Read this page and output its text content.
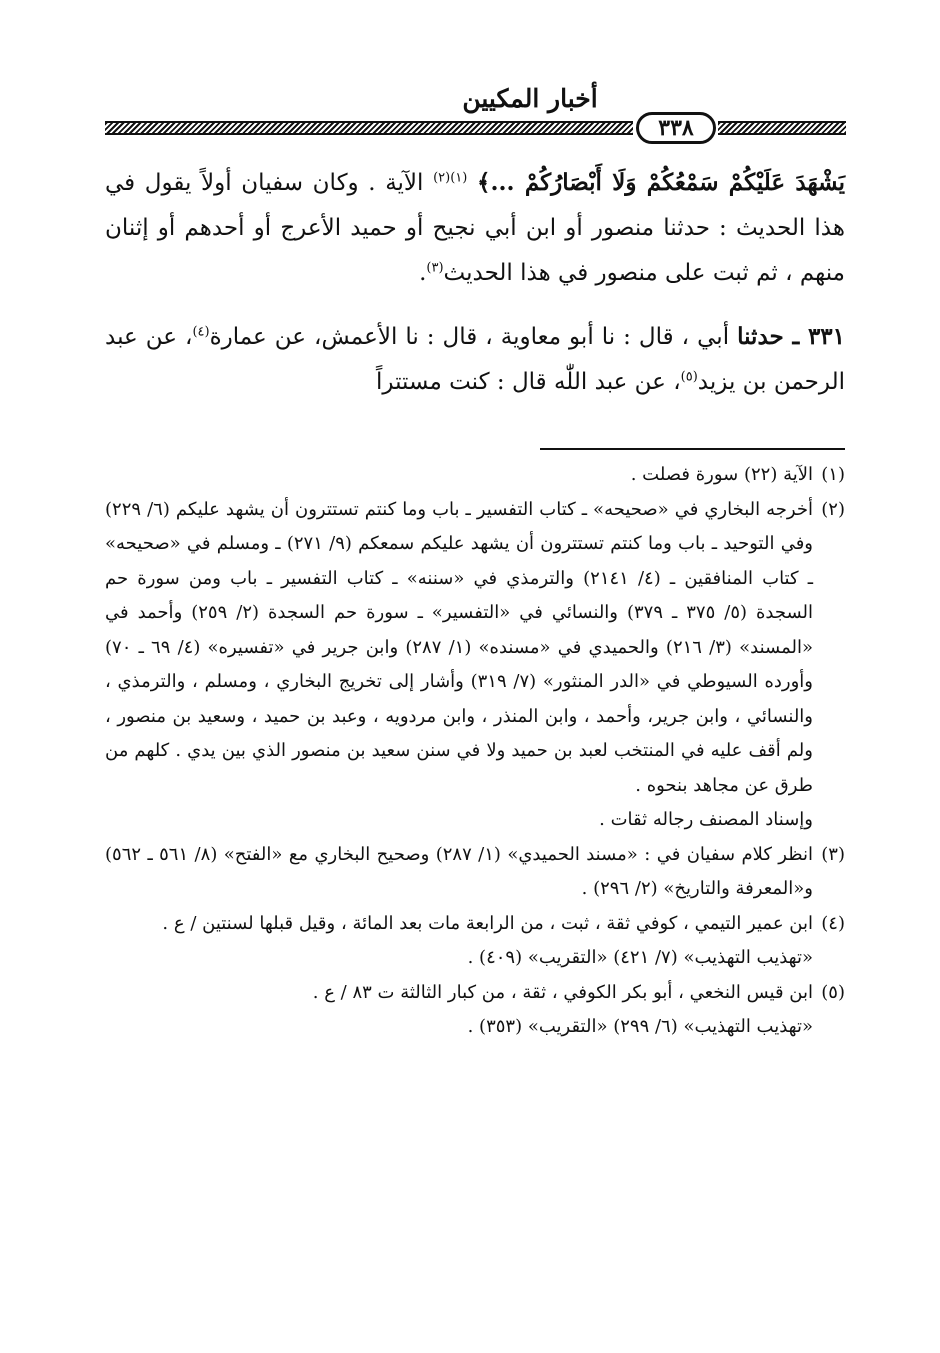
أخبار المكيين
٣٣٨

يَشْهَدَ عَلَيْكُمْ سَمْعُكُمْ وَلَا أَبْصَارُكُمْ ...﴾ $^{(١)(٢)}$ الآية . وكان سفيان أولاً يقول في هذا الحديث : حدثنا منصور أو ابن أبي نجيح أو حميد الأعرج أو أحدهم أو إثنان منهم ، ثم ثبت على منصور في هذا الحديث$^{(٣)}$.

٣٣١ ـ حدثنا أبي ، قال : نا أبو معاوية ، قال : نا الأعمش، عن عمارة$^{(٤)}$، عن عبد الرحمن بن يزيد$^{(٥)}$، عن عبد اللّٰه قال : كنت مستتراً

(١)
الآية (٢٢) سورة فصلت .
(٢)
أخرجه البخاري في «صحيحه» ـ كتاب التفسير ـ باب وما كنتم تستترون أن يشهد عليكم (٦/ ٢٢٩) وفي التوحيد ـ باب وما كنتم تستترون أن يشهد عليكم سمعكم (٩/ ٢٧١) ـ ومسلم في «صحيحه» ـ كتاب المنافقين ـ (٤/ ٢١٤١) والترمذي في «سننه» ـ كتاب التفسير ـ باب ومن سورة حم السجدة (٥/ ٣٧٥ ـ ٣٧٩) والنسائي في «التفسير» ـ سورة حم السجدة (٢/ ٢٥٩) وأحمد في «المسند» (٣/ ٢١٦) والحميدي في «مسنده» (١/ ٢٨٧) وابن جرير في «تفسيره» (٤/ ٦٩ ـ ٧٠) وأورده السيوطي في «الدر المنثور» (٧/ ٣١٩) وأشار إلى تخريج البخاري ، ومسلم ، والترمذي ، والنسائي ، وابن جرير، وأحمد ، وابن المنذر ، وابن مردويه ، وعبد بن حميد ، وسعيد بن منصور ، ولم أقف عليه في المنتخب لعبد بن حميد ولا في سنن سعيد بن منصور الذي بين يدي . كلهم من طرق عن مجاهد بنحوه .
وإسناد المصنف رجاله ثقات .
(٣)
انظر كلام سفيان في : «مسند الحميدي» (١/ ٢٨٧) وصحيح البخاري مع «الفتح» (٨/ ٥٦١ ـ ٥٦٢) و«المعرفة والتاريخ» (٢/ ٢٩٦) .
(٤)
ابن عمير التيمي ، كوفي ثقة ، ثبت ، من الرابعة مات بعد المائة ، وقيل قبلها لسنتين / ع .
«تهذيب التهذيب» (٧/ ٤٢١) «التقريب» (٤٠٩) .
(٥)
ابن قيس النخعي ، أبو بكر الكوفي ، ثقة ، من كبار الثالثة ت ٨٣ / ع .
«تهذيب التهذيب» (٦/ ٢٩٩) «التقريب» (٣٥٣) .
